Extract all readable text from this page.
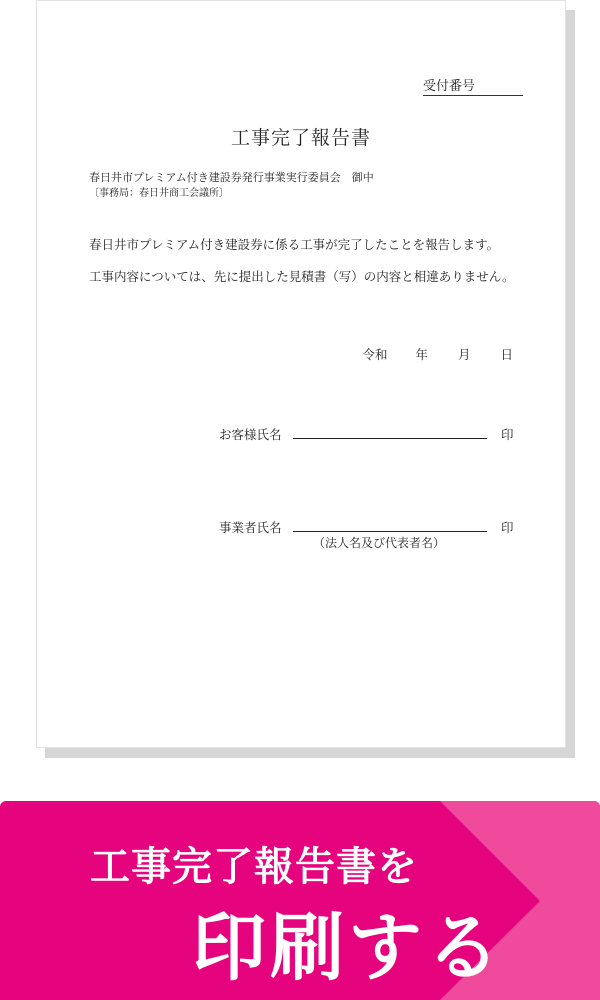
受付番号
工事完了報告書
春日井市プレミアム付き建設券発行事業実行委員会　御中
〔事務局：春日井商工会議所〕
春日井市プレミアム付き建設券に係る工事が完了したことを報告します。
工事内容については、先に提出した見積書（写）の内容と相違ありません。
令和 年 月 日
お客様氏名	印
事業者氏名	印
（法人名及び代表者名）
工事完了報告書を
印刷する
